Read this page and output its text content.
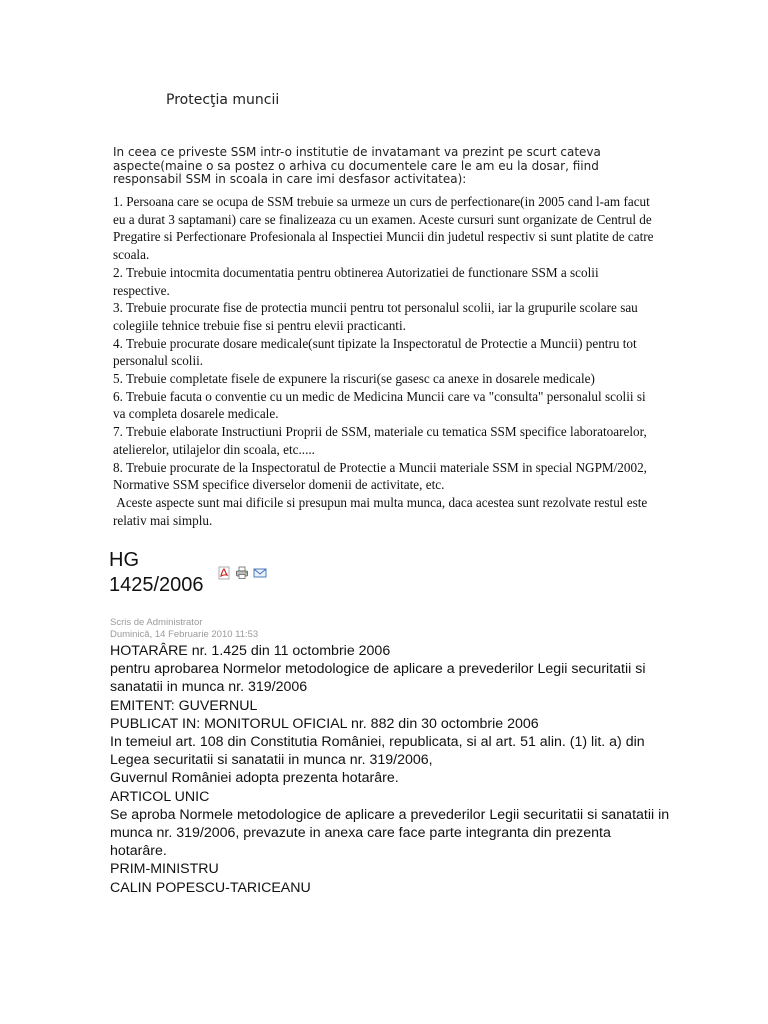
Protecţia muncii

In ceea ce priveste SSM intr-o institutie de invatamant va prezint pe scurt cateva aspecte(maine o sa postez o arhiva cu documentele care le am eu la dosar, fiind responsabil SSM in scoala in care imi desfasor activitatea):

1. Persoana care se ocupa de SSM trebuie sa urmeze un curs de perfectionare(in 2005 cand l-am facut eu a durat 3 saptamani) care se finalizeaza cu un examen. Aceste cursuri sunt organizate de Centrul de Pregatire si Perfectionare Profesionala al Inspectiei Muncii din judetul respectiv si sunt platite de catre scoala.
2. Trebuie intocmita documentatia pentru obtinerea Autorizatiei de functionare SSM a scolii respective.
3. Trebuie procurate fise de protectia muncii pentru tot personalul scolii, iar la grupurile scolare sau colegiile tehnice trebuie fise si pentru elevii practicanti.
4. Trebuie procurate dosare medicale(sunt tipizate la Inspectoratul de Protectie a Muncii) pentru tot personalul scolii.
5. Trebuie completate fisele de expunere la riscuri(se gasesc ca anexe in dosarele medicale)
6. Trebuie facuta o conventie cu un medic de Medicina Muncii care va "consulta" personalul scolii si va completa dosarele medicale.
7. Trebuie elaborate Instructiuni Proprii de SSM, materiale cu tematica SSM specifice laboratoarelor, atelierelor, utilajelor din scoala, etc.....
8. Trebuie procurate de la Inspectoratul de Protectie a Muncii materiale SSM in special NGPM/2002, Normative SSM specifice diverselor domenii de activitate, etc.
Aceste aspecte sunt mai dificile si presupun mai multa munca, daca acestea sunt rezolvate restul este relativ mai simplu.
HG
1425/2006
Scris de Administrator
Duminică, 14 Februarie 2010 11:53
HOTARÂRE nr. 1.425 din 11 octombrie 2006
pentru aprobarea Normelor metodologice de aplicare a prevederilor Legii securitatii si sanatatii in munca nr. 319/2006
EMITENT: GUVERNUL
PUBLICAT IN: MONITORUL OFICIAL nr. 882 din 30 octombrie 2006
In temeiul art. 108 din Constitutia României, republicata, si al art. 51 alin. (1) lit. a) din Legea securitatii si sanatatii in munca nr. 319/2006,
Guvernul României adopta prezenta hotarâre.
ARTICOL UNIC
Se aproba Normele metodologice de aplicare a prevederilor Legii securitatii si sanatatii in munca nr. 319/2006, prevazute in anexa care face parte integranta din prezenta hotarâre.
PRIM-MINISTRU
CALIN POPESCU-TARICEANU
